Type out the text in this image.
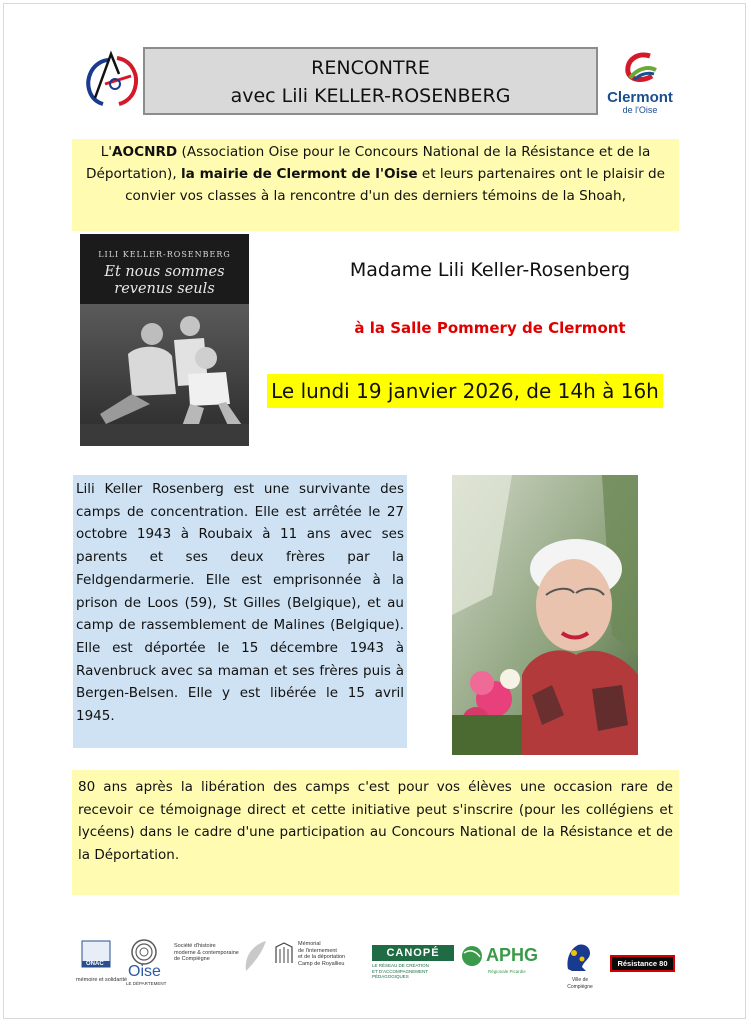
RENCONTRE
avec Lili KELLER-ROSENBERG	Clermont
de l'Oise
L'AOCNRD (Association Oise pour le Concours National de la Résistance et de la Déportation), la mairie de Clermont de l'Oise et leurs partenaires ont le plaisir de convier vos classes à la rencontre d'un des derniers témoins de la Shoah,
LILI KELLER-ROSENBERG
Et nous sommes
revenus seuls
Madame Lili Keller-Rosenberg
à la Salle Pommery de Clermont
Le lundi 19 janvier 2026, de 14h à 16h
Lili Keller Rosenberg est une survivante des camps de concentration. Elle est arrêtée le 27 octobre 1943 à Roubaix à 11 ans avec ses parents et ses deux frères par la Feldgendarmerie. Elle est emprisonnée à la prison de Loos (59), St Gilles (Belgique), et au camp de rassemblement de Malines (Belgique). Elle est déportée le 15 décembre 1943 à Ravenbruck avec sa maman et ses frères puis à Bergen-Belsen. Elle y est libérée le 15 avril 1945.
80 ans après la libération des camps c'est pour vos élèves une occasion rare de recevoir ce témoignage direct et cette initiative peut s'inscrire (pour les collégiens et lycéens) dans le cadre d'une participation au Concours National de la Résistance et de la Déportation.
ONAC
mémoire et solidarité Oise
LE DÉPARTEMENT
Société d'histoire
moderne & contemporaine
de Compiègne
Mémorial
de l'internement
et de la déportation
Camp de Royallieu
CANOPÉ
LE RÉSEAU DE CRÉATION
ET D'ACCOMPAGNEMENT PÉDAGOGIQUES
APHG
Régionale Picardie
Ville de
Compiègne
Résistance 80
